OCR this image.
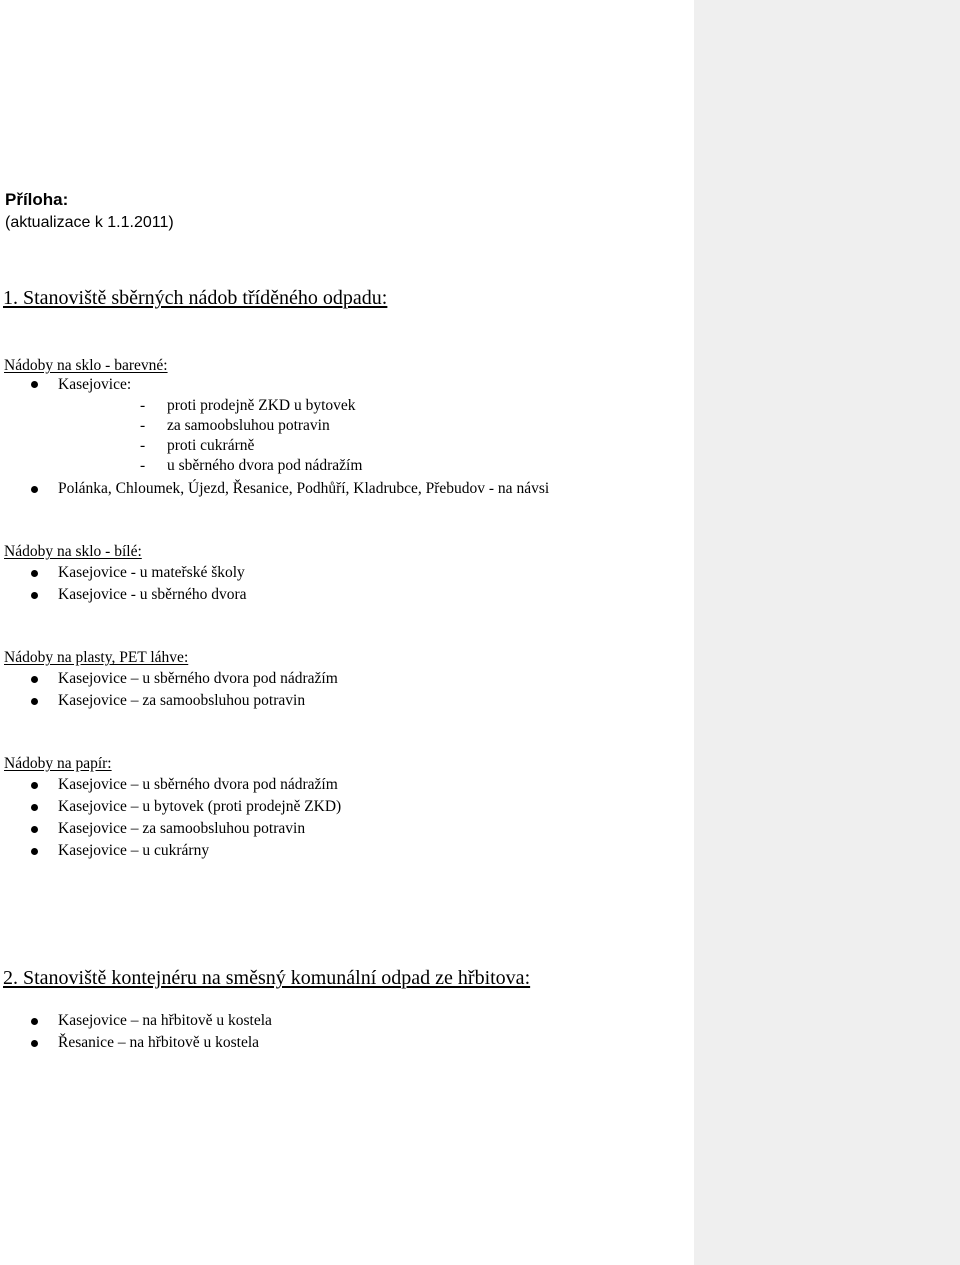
Příloha:
(aktualizace k 1.1.2011)
1. Stanoviště sběrných nádob tříděného odpadu:
Nádoby na sklo - barevné:
Kasejovice:
- proti prodejně ZKD u bytovek
- za samoobsluhou potravin
- proti cukrárně
- u sběrného dvora pod nádražím
Polánka, Chloumek, Újezd, Řesanice, Podhůří, Kladrubce, Přebudov - na návsi
Nádoby na sklo - bílé:
Kasejovice - u mateřské školy
Kasejovice - u sběrného dvora
Nádoby na plasty, PET láhve:
Kasejovice – u sběrného dvora pod nádražím
Kasejovice – za samoobsluhou potravin
Nádoby na papír:
Kasejovice – u sběrného dvora pod nádražím
Kasejovice – u bytovek (proti prodejně ZKD)
Kasejovice – za samoobsluhou potravin
Kasejovice – u cukrárny
2. Stanoviště kontejnéru na směsný komunální odpad ze hřbitova:
Kasejovice – na hřbitově u kostela
Řesanice – na hřbitově u kostela
